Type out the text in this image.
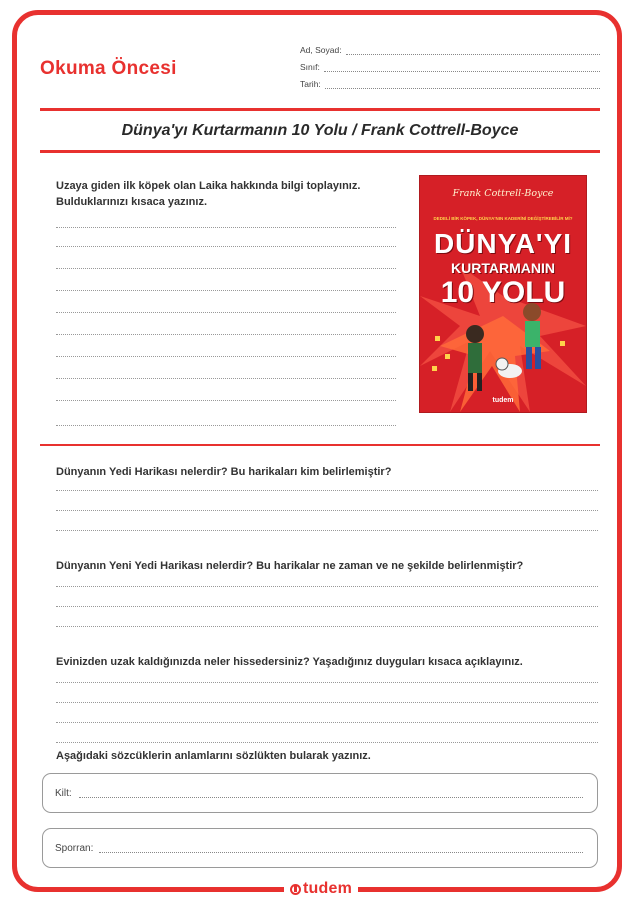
Okuma Öncesi
Ad, Soyad:
Sınıf:
Tarih:
Dünya'yı Kurtarmanın 10 Yolu / Frank Cottrell-Boyce
Uzaya giden ilk köpek olan Laika hakkında bilgi toplayınız. Bulduklarınızı kısaca yazınız.
Frank Cottrell-Boyce
DEDELİ BİR KÖPEK, DÜNYA'NIN KADERİNİ DEĞİŞTİREBİLİR Mİ?
DÜNYA'YI
KURTARMANIN
10 YOLU
tudem
Dünyanın Yedi Harikası nelerdir? Bu harikaları kim belirlemiştir?
Dünyanın Yeni Yedi Harikası nelerdir? Bu harikalar ne zaman ve ne şekilde belirlenmiştir?
Evinizden uzak kaldığınızda neler hissedersiniz? Yaşadığınız duyguları kısaca açıklayınız.
Aşağıdaki sözcüklerin anlamlarını sözlükten bularak yazınız.
Kilt:
Sporran:
tudem
